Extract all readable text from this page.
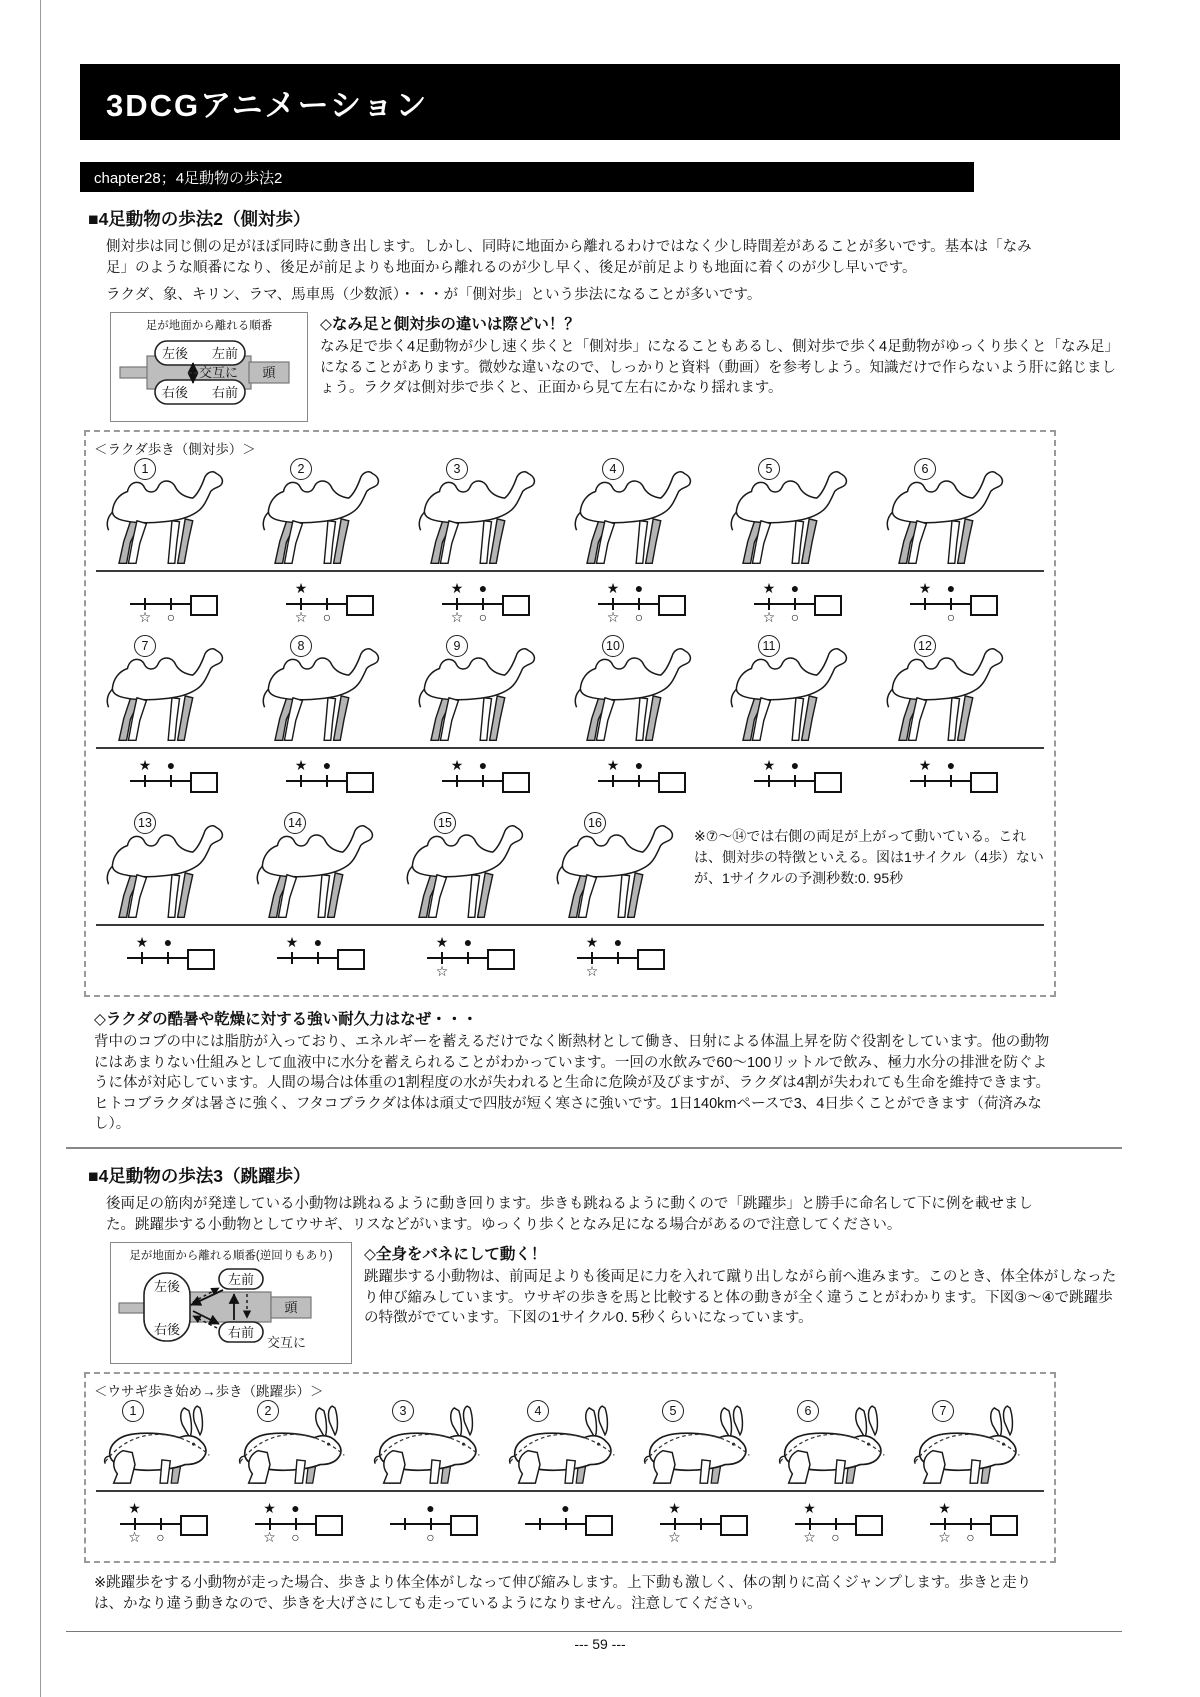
3DCGアニメーション
chapter28；4足動物の歩法2
■4足動物の歩法2（側対歩）

側対歩は同じ側の足がほぼ同時に動き出します。しかし、同時に地面から離れるわけではなく少し時間差があることが多いです。基本は「なみ足」のような順番になり、後足が前足よりも地面から離れるのが少し早く、後足が前足よりも地面に着くのが少し早いです。

ラクダ、象、キリン、ラマ、馬車馬（少数派）・・・が「側対歩」という歩法になることが多いです。

足が地面から離れる順番
頭
左後 左前
右後 右前
交互に
◇なみ足と側対歩の違いは際どい！？
なみ足で歩く4足動物が少し速く歩くと「側対歩」になることもあるし、側対歩で歩く4足動物がゆっくり歩くと「なみ足」になることがあります。微妙な違いなので、しっかりと資料（動画）を参考しよう。知識だけで作らないよう肝に銘じましょう。ラクダは側対歩で歩くと、正面から見て左右にかなり揺れます。
＜ラクダ歩き（側対歩）＞
1
☆ ○
2
★
☆ ○
3
★ ●
☆ ○
4
★ ●
☆ ○
5
★ ●
☆ ○
6
★ ●
○
7
★ ●
8
★ ●
9
★ ●
10
★ ●
11
★ ●
12
★ ●
13
★ ●
14
★ ●
15
★ ●
☆
16
★ ●
☆
※⑦～⑭では右側の両足が上がって動いている。これは、側対歩の特徴といえる。図は1サイクル（4歩）ないが、1サイクルの予測秒数:0. 95秒
◇ラクダの酷暑や乾燥に対する強い耐久力はなぜ・・・
背中のコブの中には脂肪が入っており、エネルギーを蓄えるだけでなく断熱材として働き、日射による体温上昇を防ぐ役割をしています。他の動物にはあまりない仕組みとして血液中に水分を蓄えられることがわかっています。一回の水飲みで60～100リットルで飲み、極力水分の排泄を防ぐように体が対応しています。人間の場合は体重の1割程度の水が失われると生命に危険が及びますが、ラクダは4割が失われても生命を維持できます。ヒトコブラクダは暑さに強く、フタコブラクダは体は頑丈で四肢が短く寒さに強いです。1日140kmペースで3、4日歩くことができます（荷済みなし）。
■4足動物の歩法3（跳躍歩）

後両足の筋肉が発達している小動物は跳ねるように動き回ります。歩きも跳ねるように動くので「跳躍歩」と勝手に命名して下に例を載せました。跳躍歩する小動物としてウサギ、リスなどがいます。ゆっくり歩くとなみ足になる場合があるので注意してください。

足が地面から離れる順番(逆回りもあり)
頭
左後
右後
左前
右前
交互に
◇全身をバネにして動く！
跳躍歩する小動物は、前両足よりも後両足に力を入れて蹴り出しながら前へ進みます。このとき、体全体がしなったり伸び縮みしています。ウサギの歩きを馬と比較すると体の動きが全く違うことがわかります。下図③～④で跳躍歩の特徴がでています。下図の1サイクル0. 5秒くらいになっています。
＜ウサギ歩き始め→歩き（跳躍歩）＞
1
★
☆ ○
2
★ ●
☆ ○
3
●
○
4
●
5
★
☆
6
★
☆ ○
7
★
☆ ○

※跳躍歩をする小動物が走った場合、歩きより体全体がしなって伸び縮みします。上下動も激しく、体の割りに高くジャンプします。歩きと走りは、かなり違う動きなので、歩きを大げさにしても走っているようになりません。注意してください。

--- 59 ---
